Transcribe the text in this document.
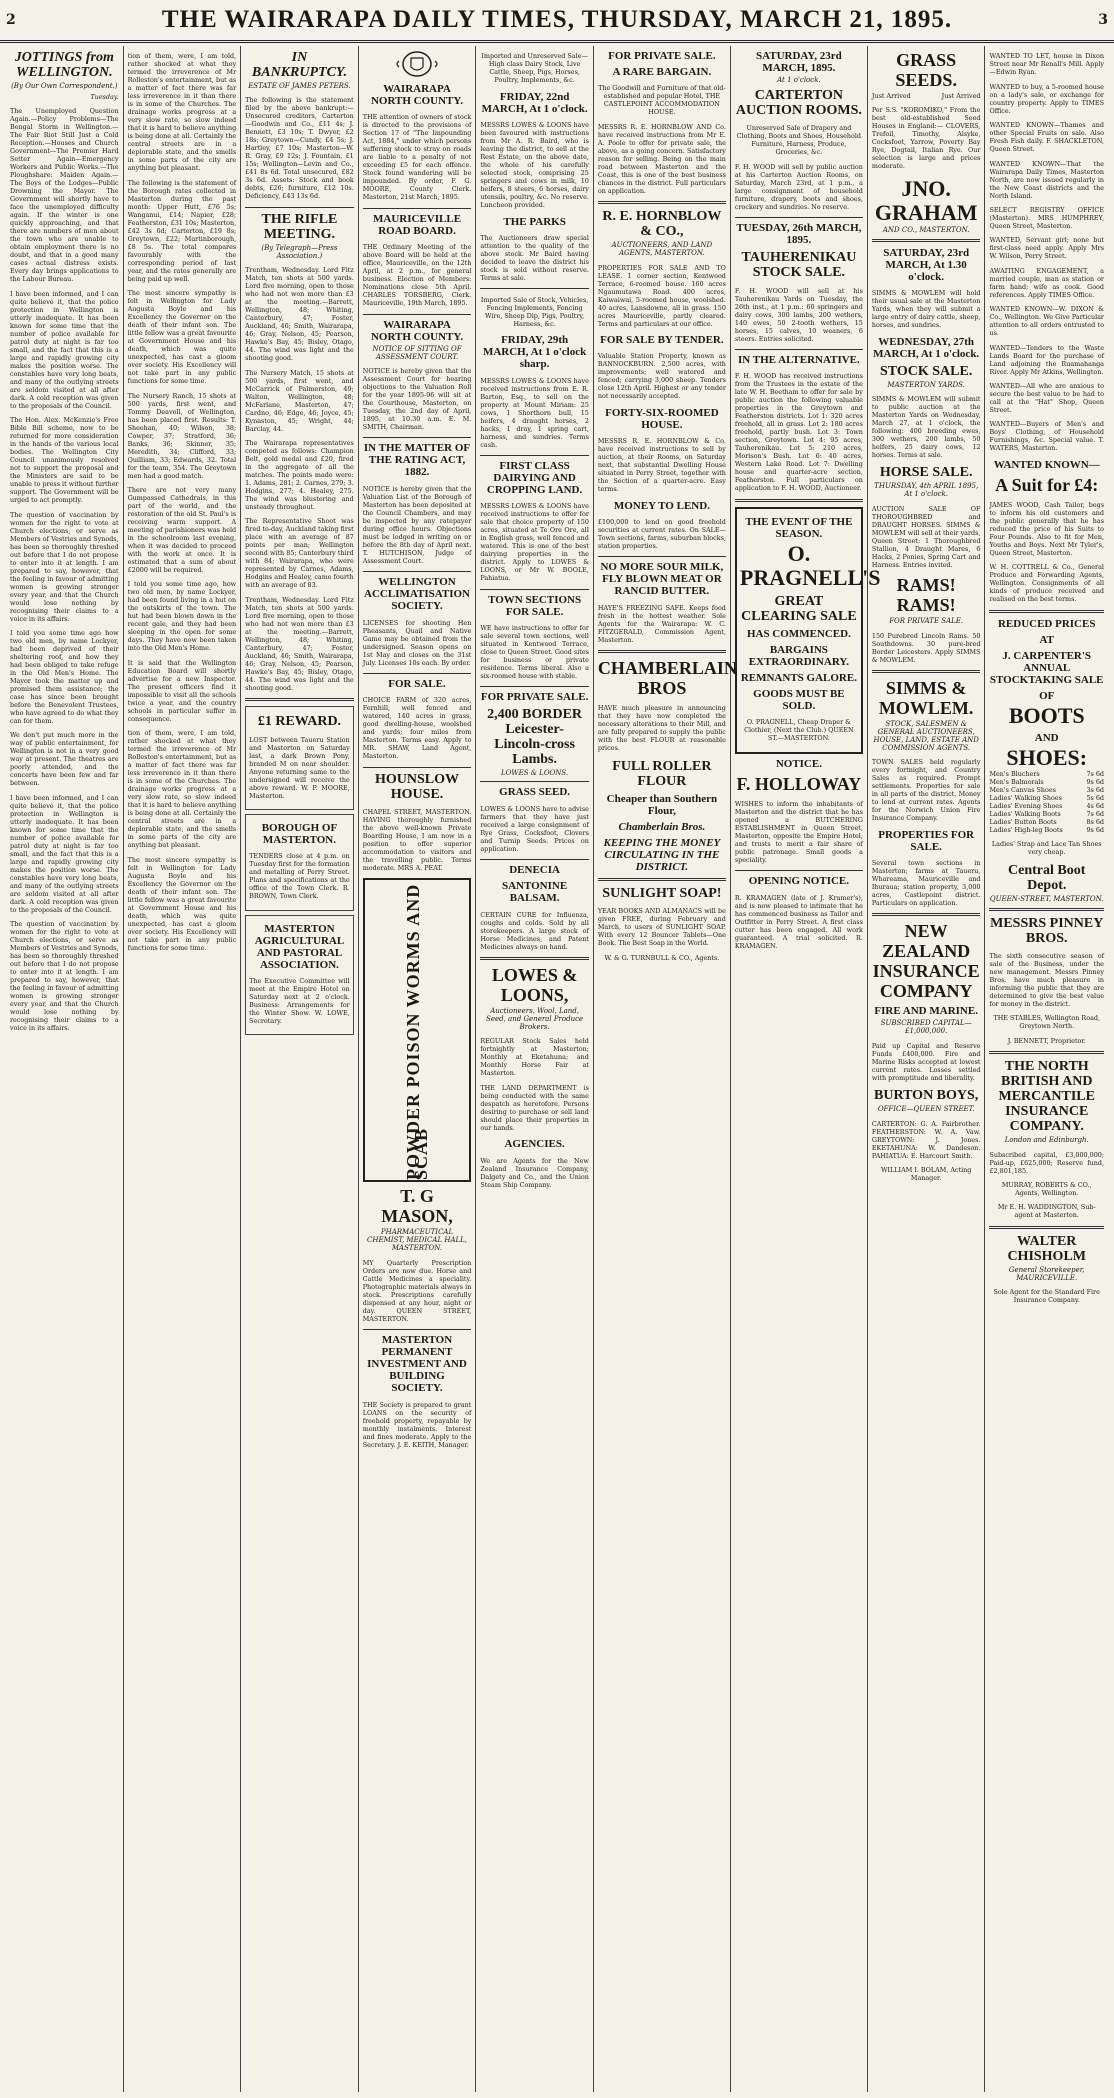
2	THE WAIRARAPA DAILY TIMES, THURSDAY, MARCH 21, 1895.	3
JOTTINGS from WELLINGTON.
(By Our Own Correspondent.)
Tuesday.

The Unemployed Question Again.—Policy Problems—The Bengal Storm in Wellington.—The Fair Riot Still Just a Cold Reception.—Houses and Church Government—The Premier Hard Setter Again—Emergency Workers and Public Works.—The Ploughshare: Maiden Again.—The Boys of the Lodges—Public Drowning the Mayor. The Government will shortly have to face the unemployed difficulty again. If the winter is one quickly approaching, and that there are numbers of men about the town who are unable to obtain employment there is no doubt, and that in a good many cases actual distress exists. Every day brings applications to the Labour Bureau.

I have been informed, and I can quite believe it, that the police protection in Wellington is utterly inadequate. It has been known for some time that the number of police available for patrol duty at night is far too small, and the fact that this is a large and rapidly growing city makes the position worse. The constables have very long beats, and many of the outlying streets are seldom visited at all after dark. A cold reception was given to the proposals of the Council.

The Hon. Alex. McKenzie's Free Bible Bill scheme, now to be returned for more consideration in the hands of the various local bodies. The Wellington City Council unanimously resolved not to support the proposal and the Ministers are said to be unable to press it without further support. The Government will be urged to act promptly.

The question of vaccination by women for the right to vote at Church elections, or serve as Members of Vestries and Synods, has been so thoroughly threshed out before that I do not propose to enter into it at length. I am prepared to say, however, that the feeling in favour of admitting women is growing stronger every year, and that the Church would lose nothing by recognising their claims to a voice in its affairs.

I told you some time ago how two old men, by name Lockyer, had been deprived of their sheltering roof, and how they had been obliged to take refuge in the Old Men's Home. The Mayor took the matter up and promised them assistance; the case has since been brought before the Benevolent Trustees, who have agreed to do what they can for them.

We don't put much more in the way of public entertainment, for Wellington is not in a very good way at present. The theatres are poorly attended, and the concerts have been few and far between.

I have been informed, and I can quite believe it, that the police protection in Wellington is utterly inadequate. It has been known for some time that the number of police available for patrol duty at night is far too small, and the fact that this is a large and rapidly growing city makes the position worse. The constables have very long beats, and many of the outlying streets are seldom visited at all after dark. A cold reception was given to the proposals of the Council.

The question of vaccination by women for the right to vote at Church elections, or serve as Members of Vestries and Synods, has been so thoroughly threshed out before that I do not propose to enter into it at length. I am prepared to say, however, that the feeling in favour of admitting women is growing stronger every year, and that the Church would lose nothing by recognising their claims to a voice in its affairs.

tion of them, were, I am told, rather shocked at what they termed the irreverence of Mr Rolleston's entertainment, but as a matter of fact there was far less irreverence in it than there is in some of the Churches. The drainage works progress at a very slow rate, so slow indeed that it is hard to believe anything is being done at all. Certainly the central streets are in a deplorable state, and the smells in some parts of the city are anything but pleasant.

The following is the statement of the Borough rates collected in Masterton during the past month: Upper Hutt, £76 5s; Wanganui, £14; Napier, £28; Featherston, £31 10s; Masterton, £42 3s 6d; Carterton, £19 8s; Greytown, £22; Martinborough, £8 5s. The total compares favourably with the corresponding period of last year, and the rates generally are being paid up well.

The most sincere sympathy is felt in Wellington for Lady Augusta Boyle and his Excellency the Governor on the death of their infant son. The little fellow was a great favourite at Government House and his death, which was quite unexpected, has cast a gloom over society. His Excellency will not take part in any public functions for some time.

The Nursery Ranch, 15 shots at 500 yards, first went, and Tommy Deavoll, of Wellington, has been placed first. Results: T. Sheehan, 40; Wilson, 38; Cowper, 37; Stratford, 36; Banks, 36; Skinner, 35; Meredith, 34; Clifford, 33; Quilliam, 33; Edwards, 32. Total for the team, 354. The Greytown men had a good match.

There are not very many Gumpassed Cathedrals, in this part of the world, and the restoration of the old St. Paul's is receiving warm support. A meeting of parishioners was held in the schoolroom last evening, when it was decided to proceed with the work at once. It is estimated that a sum of about £2000 will be required.

I told you some time ago, how two old men, by name Lockyer, had been found living in a hut on the outskirts of the town. The hut had been blown down in the recent gale, and they had been sleeping in the open for some days. They have now been taken into the Old Men's Home.

It is said that the Wellington Education Board will shortly advertise for a new Inspector. The present officers find it impossible to visit all the schools twice a year, and the country schools in particular suffer in consequence.

tion of them, were, I am told, rather shocked at what they termed the irreverence of Mr Rolleston's entertainment, but as a matter of fact there was far less irreverence in it than there is in some of the Churches. The drainage works progress at a very slow rate, so slow indeed that it is hard to believe anything is being done at all. Certainly the central streets are in a deplorable state, and the smells in some parts of the city are anything but pleasant.

The most sincere sympathy is felt in Wellington for Lady Augusta Boyle and his Excellency the Governor on the death of their infant son. The little fellow was a great favourite at Government House and his death, which was quite unexpected, has cast a gloom over society. His Excellency will not take part in any public functions for some time.

IN BANKRUPTCY.
ESTATE OF JAMES PETERS.

The following is the statement filed by the above bankrupt:—Unsecured creditors, Carterton—Goodwin and Co., £11 4s; J. Bennett, £3 10s; T. Dwyer, £2 18s; Greytown—Cundy, £4 5s; J. Hartley, £7 10s; Masterton—W. R. Gray, £9 12s; J. Fountain, £1 15s; Wellington—Levin and Co., £41 8s 6d. Total unsecured, £82 3s 6d. Assets: Stock and book debts, £26; furniture, £12 10s. Deficiency, £43 13s 6d.

THE RIFLE MEETING.
(By Telegraph—Press Association.)

Trentham, Wednesday. Lord Fitz Match, ten shots at 500 yards. Lord five morning, open to those who had not won more than £3 at the meeting.—Barrett, Wellington, 48; Whiting, Canterbury, 47; Foster, Auckland, 46; Smith, Wairarapa, 46; Gray, Nelson, 45; Pearson, Hawke's Bay, 45; Bisley, Otago, 44. The wind was light and the shooting good.

The Nursery Match, 15 shots at 500 yards, first went, and McCarrick of Palmerston, 49; Walton, Wellington, 48; McFarlane, Masterton, 47; Cardno, 46; Edge, 46; Joyce, 45; Kynaston, 45; Wright, 44; Barclay, 44.

The Wairarapa representatives competed as follows: Champion Belt, gold medal and £20, fired in the aggregate of all the matches. The points made were: 1. Adams, 281; 2. Carnes, 279; 3. Hodgins, 277; 4. Healey, 275. The wind was blustering and unsteady throughout.

The Representative Shoot was fired to-day, Auckland taking first place with an average of 87 points per man; Wellington second with 85; Canterbury third with 84; Wairarapa, who were represented by Carnes, Adams, Hodgins and Healey, came fourth with an average of 83.

Trentham, Wednesday. Lord Fitz Match, ten shots at 500 yards. Lord five morning, open to those who had not won more than £3 at the meeting.—Barrett, Wellington, 48; Whiting, Canterbury, 47; Foster, Auckland, 46; Smith, Wairarapa, 46; Gray, Nelson, 45; Pearson, Hawke's Bay, 45; Bisley, Otago, 44. The wind was light and the shooting good.

£1 REWARD.

LOST between Taueru Station and Masterton on Saturday last, a dark Brown Pony, branded M on near shoulder. Anyone returning same to the undersigned will receive the above reward. W. P. MOORE, Masterton.

BOROUGH OF MASTERTON.

TENDERS close at 4 p.m. on Tuesday first for the formation and metalling of Perry Street. Plans and specifications at the office of the Town Clerk. R. BROWN, Town Clerk.

MASTERTON AGRICULTURAL AND PASTORAL ASSOCIATION.

The Executive Committee will meet at the Empire Hotel on Saturday next at 2 o'clock. Business: Arrangements for the Winter Show. W. LOWE, Secretary.

WAIRARAPA NORTH COUNTY.

THE attention of owners of stock is directed to the provisions of Section 17 of "The Impounding Act, 1884," under which persons suffering stock to stray on roads are liable to a penalty of not exceeding £5 for each offence. Stock found wandering will be impounded. By order, F. G. MOORE, County Clerk. Masterton, 21st March, 1895.

MAURICEVILLE ROAD BOARD.

THE Ordinary Meeting of the above Board will be held at the office, Mauriceville, on the 12th April, at 2 p.m., for general business. Election of Members: Nominations close 5th April. CHARLES TORSBERG, Clerk. Mauriceville, 19th March, 1895.

WAIRARAPA NORTH COUNTY.
NOTICE OF SITTING OF ASSESSMENT COURT.

NOTICE is hereby given that the Assessment Court for hearing objections to the Valuation Roll for the year 1895-96 will sit at the Courthouse, Masterton, on Tuesday, the 2nd day of April, 1895, at 10.30 a.m. E. M. SMITH, Chairman.

IN THE MATTER OF THE RATING ACT, 1882.

NOTICE is hereby given that the Valuation List of the Borough of Masterton has been deposited at the Council Chambers, and may be inspected by any ratepayer during office hours. Objections must be lodged in writing on or before the 8th day of April next. T. HUTCHISON, Judge of Assessment Court.

WELLINGTON ACCLIMATISATION SOCIETY.

LICENSES for shooting Hen Pheasants, Quail and Native Game may be obtained from the undersigned. Season opens on 1st May and closes on the 31st July. Licenses 10s each. By order.

FOR SALE.

CHOICE FARM of 320 acres, Fernhill, well fenced and watered, 140 acres in grass, good dwelling-house, woolshed and yards; four miles from Masterton. Terms easy. Apply to MR. SHAW, Land Agent, Masterton.

HOUNSLOW HOUSE.

CHAPEL STREET, MASTERTON. HAVING thoroughly furnished the above well-known Private Boarding House, I am now in a position to offer superior accommodation to visitors and the travelling public. Terms moderate. MRS A. PEAT.

POWDER POISON WORMS AND SCAB
T. G MASON,
PHARMACEUTICAL CHEMIST, MEDICAL HALL, MASTERTON.

MY Quarterly Prescription Orders are now due. Horse and Cattle Medicines a speciality. Photographic materials always in stock. Prescriptions carefully dispensed at any hour, night or day. QUEEN STREET, MASTERTON.

MASTERTON PERMANENT INVESTMENT AND BUILDING SOCIETY.

THE Society is prepared to grant LOANS on the security of freehold property, repayable by monthly instalments. Interest and fines moderate. Apply to the Secretary. J. E. KEITH, Manager.

Imported and Unreserved Sale— High class Dairy Stock, Live Cattle, Sheep, Pigs, Horses, Poultry, Implements, &c.

FRIDAY, 22nd MARCH, At 1 o'clock.

MESSRS LOWES & LOONS have been favoured with instructions from Mr A. R. Baird, who is leaving the district, to sell at the Rest Estate, on the above date, the whole of his carefully selected stock, comprising 25 springers and cows in milk, 10 heifers, 8 steers, 6 horses, dairy utensils, poultry, &c. No reserve. Luncheon provided.

THE PARKS

The Auctioneers draw special attention to the quality of the above stock. Mr Baird having decided to leave the district his stock is sold without reserve. Terms at sale.

Imported Sale of Stock, Vehicles, Fencing Implements, Fencing Wire, Sheep Dip, Pigs, Poultry, Harness, &c.

FRIDAY, 29th MARCH, At 1 o'clock sharp.

MESSRS LOWES & LOONS have received instructions from E. R. Barton, Esq., to sell on the property at Mount Miriam: 25 cows, 1 Shorthorn bull, 15 heifers, 4 draught horses, 2 hacks, 1 dray, 1 spring cart, harness, and sundries. Terms cash.

FIRST CLASS DAIRYING AND CROPPING LAND.

MESSRS LOWES & LOONS have received instructions to offer for sale that choice property of 150 acres, situated at Te Ore Ore, all in English grass, well fenced and watered. This is one of the best dairying properties in the district. Apply to LOWES & LOONS, or Mr W. BOOLE, Pahiatua.

TOWN SECTIONS FOR SALE.

WE have instructions to offer for sale several town sections, well situated in Kentwood Terrace, close to Queen Street. Good sites for business or private residence. Terms liberal. Also a six-roomed house with stable.

FOR PRIVATE SALE.
2,400 BORDER Leicester-Lincoln-cross Lambs.
LOWES & LOONS.
GRASS SEED.

LOWES & LOONS have to advise farmers that they have just received a large consignment of Rye Grass, Cocksfoot, Clovers and Turnip Seeds. Prices on application.

DENECIA
SANTONINE BALSAM.

CERTAIN CURE for Influenza, coughs and colds. Sold by all storekeepers. A large stock of Horse Medicines, and Patent Medicines always on hand.

LOWES & LOONS,
Auctioneers, Wool, Land, Seed, and General Produce Brokers.

REGULAR Stock Sales held fortnightly at Masterton; Monthly at Eketahuna; and Monthly Horse Fair at Masterton.

THE LAND DEPARTMENT is being conducted with the same despatch as heretofore. Persons desiring to purchase or sell land should place their properties in our hands.

AGENCIES.

We are Agents for the New Zealand Insurance Company, Dalgety and Co., and the Union Steam Ship Company.

FOR PRIVATE SALE.
A RARE BARGAIN.

The Goodwill and Furniture of that old-established and popular Hotel, THE CASTLEPOINT ACCOMMODATION HOUSE.

MESSRS R. E. HORNBLOW AND Co. have received instructions from Mr E. A. Poole to offer for private sale, the above, as a going concern. Satisfactory reason for selling. Being on the main road between Masterton and the Coast, this is one of the best business chances in the district. Full particulars on application.

R. E. HORNBLOW & CO.,
AUCTIONEERS, AND LAND AGENTS, MASTERTON.

PROPERTIES FOR SALE AND TO LEASE. 1 corner section, Kentwood Terrace, 6-roomed house. 160 acres Ngaumutawa Road. 400 acres, Kaiwaiwai, 5-roomed house, woolshed. 40 acres, Lansdowne, all in grass. 150 acres Mauriceville, partly cleared. Terms and particulars at our office.

FOR SALE BY TENDER.

Valuable Station Property, known as BANNOCKBURN. 2,500 acres, with improvements; well watered and fenced; carrying 3,000 sheep. Tenders close 12th April. Highest or any tender not necessarily accepted.

FORTY-SIX-ROOMED HOUSE.

MESSRS R. E. HORNBLOW & Co. have received instructions to sell by auction, at their Rooms, on Saturday next, that substantial Dwelling House situated in Perry Street, together with the Section of a quarter-acre. Easy terms.

MONEY TO LEND.

£100,000 to lend on good freehold securities at current rates. On SALE—Town sections, farms, suburban blocks, station properties.

NO MORE SOUR MILK, FLY BLOWN MEAT OR RANCID BUTTER.

HAYE'S FREEZING SAFE. Keeps food fresh in the hottest weather. Sole Agents for the Wairarapa: W. C. FITZGERALD, Commission Agent, Masterton.

CHAMBERLAIN BROS

HAVE much pleasure in announcing that they have now completed the necessary alterations to their Mill, and are fully prepared to supply the public with the best FLOUR at reasonable prices.

FULL ROLLER FLOUR
Cheaper than Southern Flour,
Chamberlain Bros.
KEEPING THE MONEY CIRCULATING IN THE DISTRICT.
SUNLIGHT SOAP!

YEAR BOOKS AND ALMANACS will be given FREE, during February and March, to users of SUNLIGHT SOAP. With every 12 Bouncer Tablets—One Book. The Best Soap in the World.

W. & G. TURNBULL & CO., Agents.

SATURDAY, 23rd MARCH, 1895.
At 1 o'clock.
CARTERTON AUCTION ROOMS.

Unreserved Sale of Drapery and Clothing, Boots and Shoes, Household Furniture, Harness, Produce, Groceries, &c.

F. H. WOOD will sell by public auction at his Carterton Auction Rooms, on Saturday, March 23rd, at 1 p.m., a large consignment of household furniture, drapery, boots and shoes, crockery and sundries. No reserve.

TUESDAY, 26th MARCH, 1895.
TAUHERENIKAU STOCK SALE.

F. H. WOOD will sell at his Tauherenikau Yards on Tuesday, the 26th inst., at 1 p.m.: 60 springers and dairy cows, 300 lambs, 200 wethers, 140 ewes, 50 2-tooth wethers, 15 horses, 15 calves, 10 weaners, 6 steers. Entries solicited.

IN THE ALTERNATIVE.

F. H. WOOD has received instructions from the Trustees in the estate of the late W. H. Beetham to offer for sale by public auction the following valuable properties in the Greytown and Featherston districts. Lot 1: 320 acres freehold, all in grass. Lot 2: 180 acres freehold, partly bush. Lot 3: Town section, Greytown. Lot 4: 95 acres, Tauherenikau. Lot 5: 210 acres, Morison's Bush. Lot 6: 40 acres, Western Lake Road. Lot 7: Dwelling house and quarter-acre section, Featherston. Full particulars on application to F. H. WOOD, Auctioneer.

THE EVENT OF THE SEASON.
O. PRAGNELL'S
GREAT CLEARING SALE
HAS COMMENCED.
BARGAINS EXTRAORDINARY.
REMNANTS GALORE.
GOODS MUST BE SOLD.

O. PRAGNELL, Cheap Draper & Clothier, (Next the Club.) QUEEN ST.—MASTERTON.

NOTICE.
F. HOLLOWAY

WISHES to inform the inhabitants of Masterton and the district that he has opened a BUTCHERING ESTABLISHMENT in Queen Street, Masterton, opposite the Empire Hotel, and trusts to merit a fair share of public patronage. Small goods a speciality.

OPENING NOTICE.

R. KRAMAGEN (late of J. Kramer's), and is now pleased to intimate that he has commenced business as Tailor and Outfitter in Perry Street. A first class cutter has been engaged. All work guaranteed. A trial solicited. R. KRAMAGEN.

GRASS SEEDS.
Just Arrived	Just Arrived

Per S.S. "KOROMIKO," From the best old-established Seed Houses in England:— CLOVERS, Trefoil, Timothy, Alsyke, Cocksfoot, Yarrow, Poverty Bay Rye, Dogtail, Italian Rye. Our selection is large and prices moderate.

JNO. GRAHAM
AND CO., MASTERTON.
SATURDAY, 23rd MARCH, At 1.30 o'clock.

SIMMS & MOWLEM will hold their usual sale at the Masterton Yards, when they will submit a large entry of dairy cattle, sheep, horses, and sundries.

WEDNESDAY, 27th MARCH, At 1 o'clock.
STOCK SALE.
MASTERTON YARDS.

SIMMS & MOWLEM will submit to public auction at the Masterton Yards on Wednesday, March 27, at 1 o'clock, the following: 400 breeding ewes, 300 wethers, 200 lambs, 50 heifers, 25 dairy cows, 12 horses. Terms at sale.

HORSE SALE.
THURSDAY, 4th APRIL 1895, At 1 o'clock.

AUCTION SALE OF THOROUGHBRED and DRAUGHT HORSES. SIMMS & MOWLEM will sell at their yards, Queen Street: 1 Thoroughbred Stallion, 4 Draught Mares, 6 Hacks, 2 Ponies, Spring Cart and Harness. Entries invited.

RAMS! RAMS!
FOR PRIVATE SALE.

150 Purebred Lincoln Rams. 50 Southdowns. 30 pure-bred Border Leicesters. Apply SIMMS & MOWLEM.

SIMMS & MOWLEM.
STOCK, SALESMEN & GENERAL AUCTIONEERS, HOUSE, LAND, ESTATE AND COMMISSION AGENTS.

TOWN SALES held regularly every fortnight, and Country Sales as required. Prompt settlements. Properties for sale in all parts of the district. Money to lend at current rates. Agents for the Norwich Union Fire Insurance Company.

PROPERTIES FOR SALE.

Several town sections in Masterton; farms at Taueru, Whareama, Mauriceville and Ihuraua; station property, 3,000 acres, Castlepoint district. Particulars on application.

NEW ZEALAND INSURANCE COMPANY
FIRE AND MARINE.
SUBSCRIBED CAPITAL—£1,000,000.

Paid up Capital and Reserve Funds £400,000. Fire and Marine Risks accepted at lowest current rates. Losses settled with promptitude and liberality.

BURTON BOYS,
OFFICE—QUEEN STREET.

CARTERTON: G. A. Fairbrother. FEATHERSTON: W. A. Vaw. GREYTOWN: J. Jones. EKETAHUNA: W. Dandeson. PAHIATUA: E. Harcourt Smith.

WILLIAM I. BOLAM, Acting Manager.

WANTED TO LET, house in Dixon Street near Mr Renall's Mill. Apply—Edwin Ryan.

WANTED to buy, a 5-roomed house on a lady's sale, or exchange for country property. Apply to TIMES Office.

WANTED KNOWN—Thames and other Special Fruits on sale. Also Fresh Fish daily. F. SHACKLETON, Queen Street.

WANTED KNOWN—That the Wairarapa Daily Times, Masterton North, are now issued regularly in the New Coast districts and the North Island.

SELECT REGISTRY OFFICE (Masterton). MRS HUMPHREY, Queen Street, Masterton.

WANTED, Servant girl; none but first-class need apply. Apply Mrs W. Wilson, Perry Street.

AWAITING ENGAGEMENT, a married couple, man as station or farm hand; wife as cook. Good references. Apply TIMES Office.

WANTED KNOWN—W. DIXON & Co., Wellington. We Give Particular attention to all orders entrusted to us.

WANTED—Tenders to the Waste Lands Board for the purchase of Land adjoining the Ruamahanga River. Apply Mr Atkins, Wellington.

WANTED—All who are anxious to secure the best value to be had to call at the "Hat" Shop, Queen Street.

WANTED—Buyers of Men's and Boys' Clothing, of Household Furnishings, &c. Special value. T. WATERS, Masterton.

WANTED KNOWN—
A Suit for £4:

JAMES WOOD, Cash Tailor, begs to inform his old customers and the public generally that he has reduced the price of his Suits to Four Pounds. Also to fit for Men, Youths and Boys. Next Mr Tyler's, Queen Street, Masterton.

W. H. COTTRELL & Co., General Produce and Forwarding Agents, Wellington. Consignments of all kinds of produce received and realised on the best terms.

REDUCED PRICES
AT
J. CARPENTER'S ANNUAL STOCKTAKING SALE
OF
BOOTS
AND
SHOES:
Men's Bluchers	7s 6d
Men's Balmorals	9s 6d
Men's Canvas Shoes	3s 6d
Ladies' Walking Shoes	5s 6d
Ladies' Evening Shoes	4s 6d
Ladies' Walking Boots	7s 6d
Ladies' Button Boots	8s 6d
Ladies' High-leg Boots	9s 6d

Ladies' Strap and Lace Tan Shoes very cheap.

Central Boot Depot.
QUEEN-STREET, MASTERTON.
MESSRS PINNEY BROS.

The sixth consecutive season of sale of the Business, under the new management. Messrs Pinney Bros. have much pleasure in informing the public that they are determined to give the best value for money in the district.

THE STABLES, Wellington Road, Greytown North.

J. BENNETT, Proprietor.

THE NORTH BRITISH AND MERCANTILE INSURANCE COMPANY.
London and Edinburgh.

Subscribed capital, £3,000,000; Paid-up, £625,000; Reserve fund, £2,801,185.

MURRAY, ROBERTS & CO., Agents, Wellington.

Mr E. H. WADDINGTON, Sub-agent at Masterton.

WALTER CHISHOLM
General Storekeeper, MAURICEVILLE.

Sole Agent for the Standard Fire Insurance Company.
